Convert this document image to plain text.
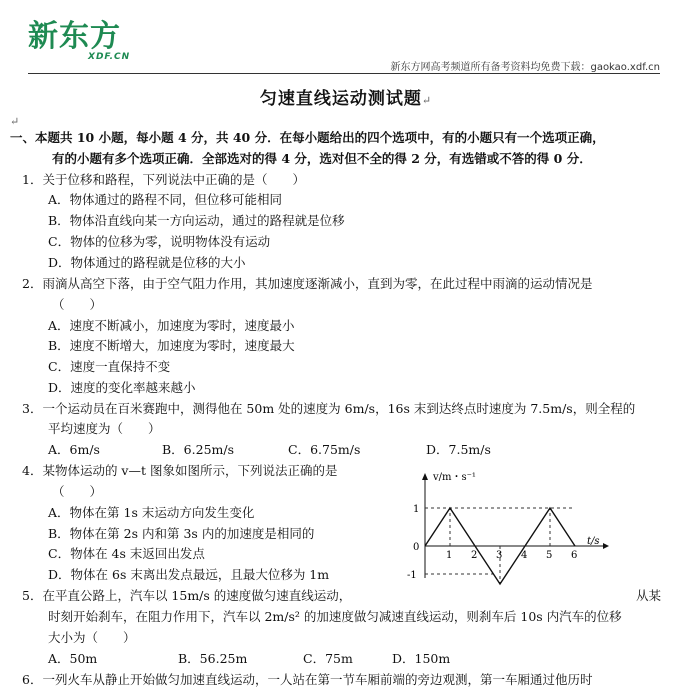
新东方
XDF.CN
新东方网高考频道所有备考资料均免费下载：gaokao.xdf.cn
匀速直线运动测试题↵
↵
一、本题共 10 小题，每小题 4 分，共 40 分．在每小题给出的四个选项中，有的小题只有一个选项正确，
有的小题有多个选项正确．全部选对的得 4 分，选对但不全的得 2 分，有选错或不答的得 0 分．
1．关于位移和路程，下列说法中正确的是（　　）
A．物体通过的路程不同，但位移可能相同
B．物体沿直线向某一方向运动，通过的路程就是位移
C．物体的位移为零，说明物体没有运动
D．物体通过的路程就是位移的大小
2．雨滴从高空下落，由于空气阻力作用，其加速度逐渐减小，直到为零，在此过程中雨滴的运动情况是
（　　）
A．速度不断减小，加速度为零时，速度最小
B．速度不断增大，加速度为零时，速度最大
C．速度一直保持不变
D．速度的变化率越来越小
3．一个运动员在百米赛跑中，测得他在 50m 处的速度为 6m/s，16s 末到达终点时速度为 7.5m/s，则全程的
平均速度为（　　）
A．6m/s	B．6.25m/s	C．6.75m/s	D．7.5m/s
4．某物体运动的 v—t 图象如图所示，下列说法正确的是
（　　）
A．物体在第 1s 末运动方向发生变化
B．物体在第 2s 内和第 3s 内的加速度是相同的
C．物体在 4s 末返回出发点
D．物体在 6s 末离出发点最远，且最大位移为 1m
v/m・s⁻¹
t/s
1
0
-1
1 2 3 4 5 6
5．在平直公路上，汽车以 15m/s 的速度做匀速直线运动，	从某
时刻开始刹车，在阻力作用下，汽车以 2m/s² 的加速度做匀减速直线运动，则刹车后 10s 内汽车的位移
大小为（　　）
A．50m	B．56.25m	C．75m	D．150m
6．一列火车从静止开始做匀加速直线运动，一人站在第一节车厢前端的旁边观测，第一车厢通过他历时
